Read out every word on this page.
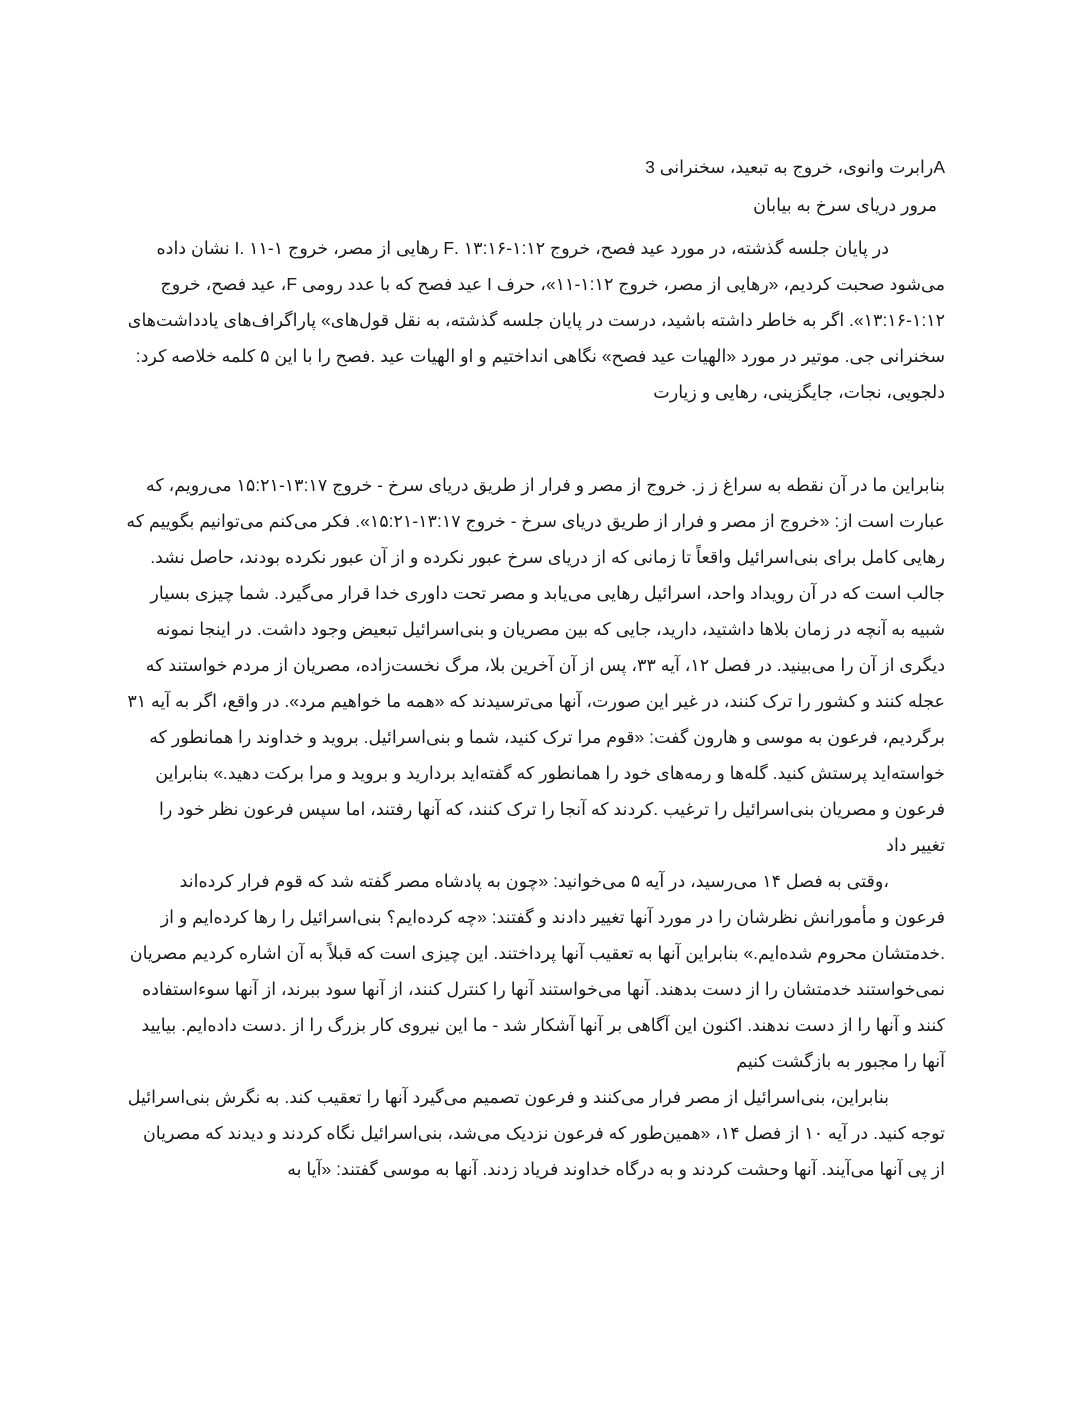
Aرابرت وانوی، خروج به تبعید، سخنرانی 3
مرور دریای سرخ به بیابان

در پایان جلسه گذشته، در مورد عید فصح، خروج ۱:۱۲-۱۳:۱۶ .F رهایی از مصر، خروج ۱-۱۱ .I نشان داده می‌شود صحبت کردیم، «رهایی از مصر، خروج ۱:۱۲-۱۱»، حرف I عید فصح که با عدد رومی F، عید فصح، خروج ۱:۱۲-۱۳:۱۶». اگر به خاطر داشته باشید، درست در پایان جلسه گذشته، به نقل قول‌های» پاراگراف‌های یادداشت‌های سخنرانی جی. موتیر در مورد «الهیات عید فصح» نگاهی انداختیم و او الهیات عید .فصح را با این ۵ کلمه خلاصه کرد: دلجویی، نجات، جایگزینی، رهایی و زیارت

بنابراین ما در آن نقطه به سراغ ز ز. خروج از مصر و فرار از طریق دریای سرخ - خروج ۱۳:۱۷-۱۵:۲۱ می‌رویم، که عبارت است از: «خروج از مصر و فرار از طریق دریای سرخ - خروج ۱۳:۱۷-۱۵:۲۱». فکر می‌کنم می‌توانیم بگوییم که رهایی کامل برای بنی‌اسرائیل واقعاً تا زمانی که از دریای سرخ عبور نکرده و از آن عبور نکرده بودند، حاصل نشد. جالب است که در آن رویداد واحد، اسرائیل رهایی می‌یابد و مصر تحت داوری خدا قرار می‌گیرد. شما چیزی بسیار شبیه به آنچه در زمان بلاها داشتید، دارید، جایی که بین مصریان و بنی‌اسرائیل تبعیض وجود داشت. در اینجا نمونه دیگری از آن را می‌بینید. در فصل ۱۲، آیه ۳۳، پس از آن آخرین بلا، مرگ نخست‌زاده، مصریان از مردم خواستند که عجله کنند و کشور را ترک کنند، در غیر این صورت، آنها می‌ترسیدند که «همه ما خواهیم مرد». در واقع، اگر به آیه ۳۱ برگردیم، فرعون به موسی و هارون گفت: «قوم مرا ترک کنید، شما و بنی‌اسرائیل. بروید و خداوند را همانطور که خواسته‌اید پرستش کنید. گله‌ها و رمه‌های خود را همانطور که گفته‌اید بردارید و بروید و مرا برکت دهید.» بنابراین فرعون و مصریان بنی‌اسرائیل را ترغیب .کردند که آنجا را ترک کنند، که آنها رفتند، اما سپس فرعون نظر خود را تغییر داد

،وقتی به فصل ۱۴ می‌رسید، در آیه ۵ می‌خوانید: «چون به پادشاه مصر گفته شد که قوم فرار کرده‌اند فرعون و مأمورانش نظرشان را در مورد آنها تغییر دادند و گفتند: «چه کرده‌ایم؟ بنی‌اسرائیل را رها کرده‌ایم و از .خدمتشان محروم شده‌ایم.» بنابراین آنها به تعقیب آنها پرداختند. این چیزی است که قبلاً به آن اشاره کردیم مصریان نمی‌خواستند خدمتشان را از دست بدهند. آنها می‌خواستند آنها را کنترل کنند، از آنها سود ببرند، از آنها سوءاستفاده کنند و آنها را از دست ندهند. اکنون این آگاهی بر آنها آشکار شد - ما این نیروی کار بزرگ را از .دست داده‌ایم. بیایید آنها را مجبور به بازگشت کنیم

بنابراین، بنی‌اسرائیل از مصر فرار می‌کنند و فرعون تصمیم می‌گیرد آنها را تعقیب کند. به نگرش بنی‌اسرائیل توجه کنید. در آیه ۱۰ از فصل ۱۴، «همین‌طور که فرعون نزدیک می‌شد، بنی‌اسرائیل نگاه کردند و دیدند که مصریان از پی آنها می‌آیند. آنها وحشت کردند و به درگاه خداوند فریاد زدند. آنها به موسی گفتند: «آیا به
